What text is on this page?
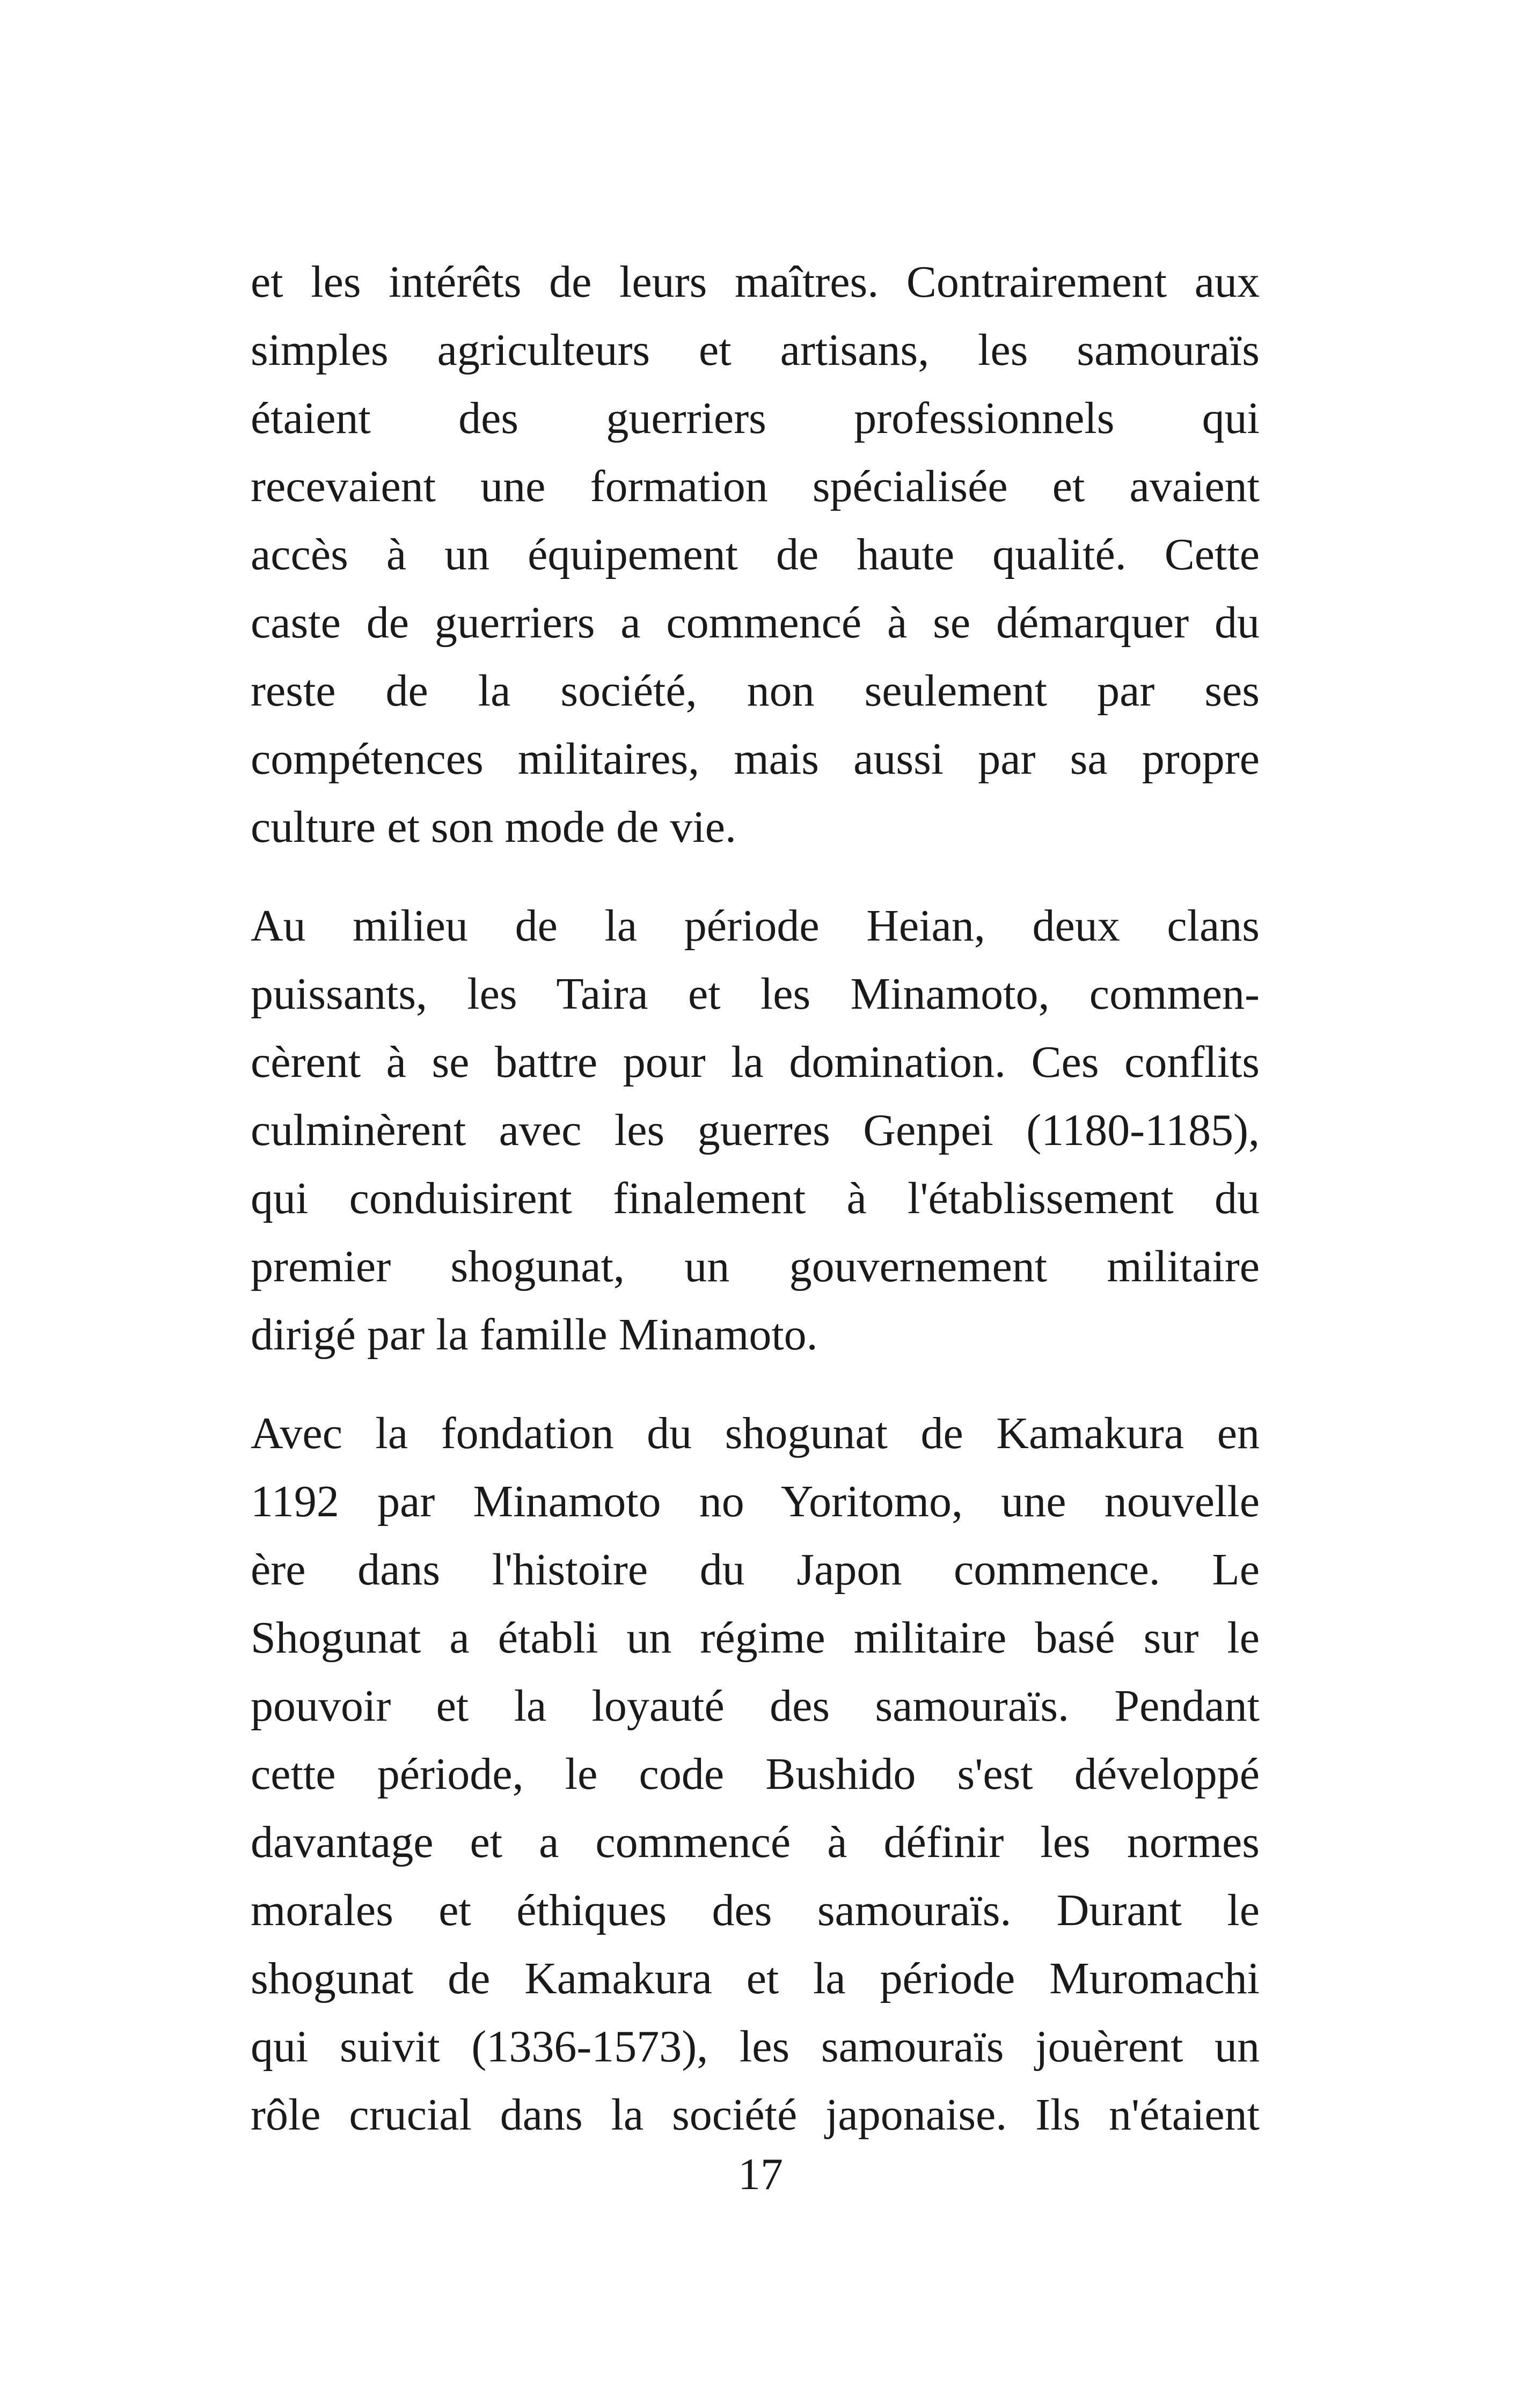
et les intérêts de leurs maîtres. Contrairement aux
simples agriculteurs et artisans, les samouraïs
étaient des guerriers professionnels qui
recevaient une formation spécialisée et avaient
accès à un équipement de haute qualité. Cette
caste de guerriers a commencé à se démarquer du
reste de la société, non seulement par ses
compétences militaires, mais aussi par sa propre
culture et son mode de vie.
Au milieu de la période Heian, deux clans
puissants, les Taira et les Minamoto, commen-
cèrent à se battre pour la domination. Ces conflits
culminèrent avec les guerres Genpei (1180-1185),
qui conduisirent finalement à l'établissement du
premier shogunat, un gouvernement militaire
dirigé par la famille Minamoto.
Avec la fondation du shogunat de Kamakura en
1192 par Minamoto no Yoritomo, une nouvelle
ère dans l'histoire du Japon commence. Le
Shogunat a établi un régime militaire basé sur le
pouvoir et la loyauté des samouraïs. Pendant
cette période, le code Bushido s'est développé
davantage et a commencé à définir les normes
morales et éthiques des samouraïs. Durant le
shogunat de Kamakura et la période Muromachi
qui suivit (1336-1573), les samouraïs jouèrent un
rôle crucial dans la société japonaise. Ils n'étaient
17
